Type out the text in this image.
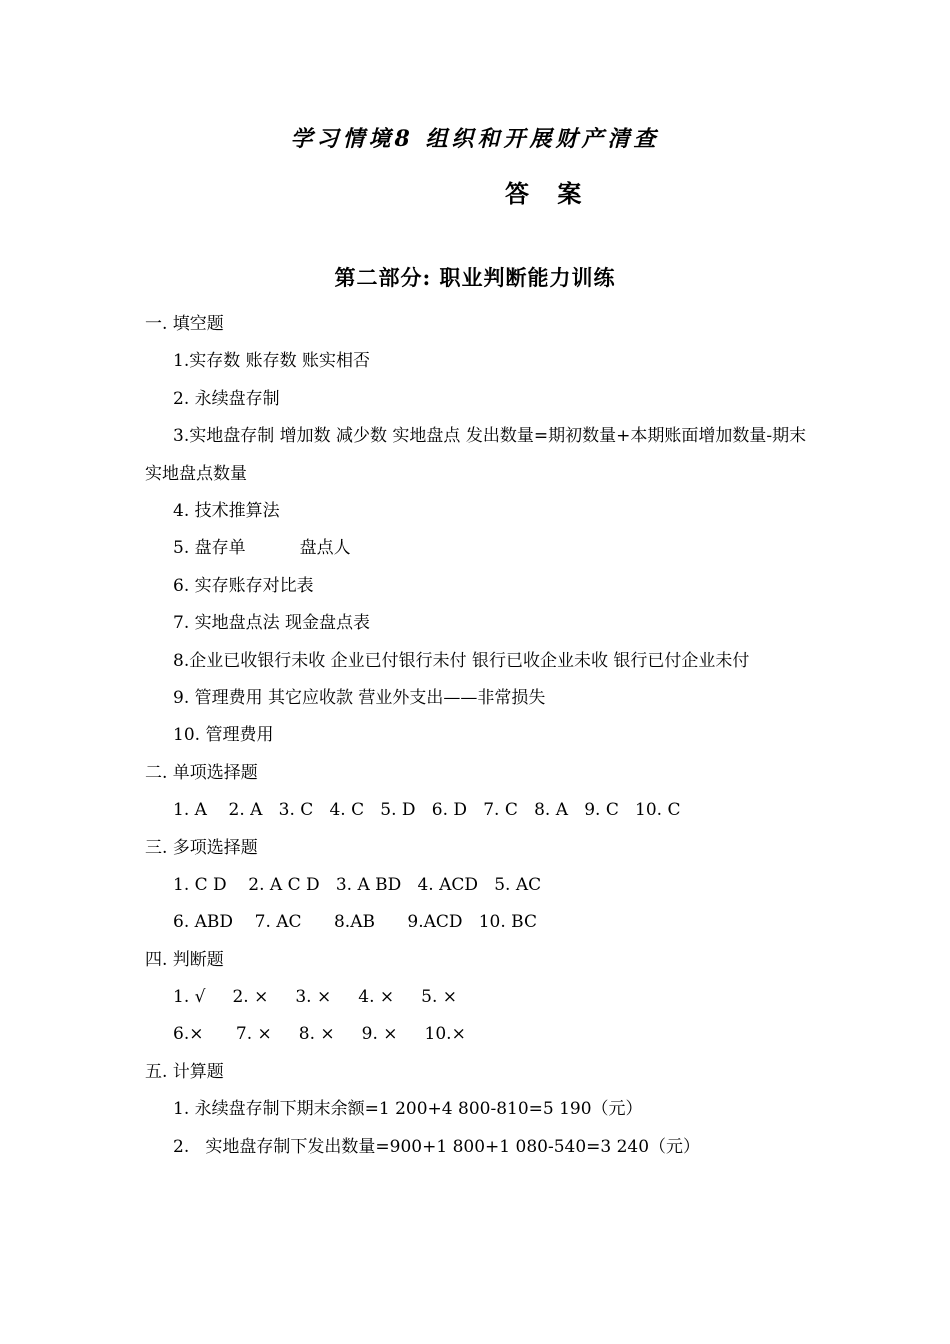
学习情境8 组织和开展财产清查
答 案
第二部分: 职业判断能力训练
一. 填空题
1.实存数 账存数 账实相否
2. 永续盘存制
3.实地盘存制 增加数 减少数 实地盘点 发出数量=期初数量+本期账面增加数量-期末实地盘点数量
4. 技术推算法
5. 盘存单          盘点人
6. 实存账存对比表
7. 实地盘点法 现金盘点表
8.企业已收银行未收 企业已付银行未付 银行已收企业未收 银行已付企业未付
9. 管理费用 其它应收款 营业外支出——非常损失
10. 管理费用
二. 单项选择题
1. A    2. A   3. C   4. C   5. D   6. D   7. C   8. A   9. C   10. C
三. 多项选择题
1. C D    2. A C D   3. A BD   4. ACD   5. AC
6. ABD    7. AC      8.AB      9.ACD   10. BC
四. 判断题
1. √     2. ×     3. ×     4. ×     5. ×
6.×      7. ×     8. ×     9. ×     10.×
五. 计算题
1. 永续盘存制下期末余额=1 200+4 800-810=5 190（元）
2.   实地盘存制下发出数量=900+1 800+1 080-540=3 240（元）
